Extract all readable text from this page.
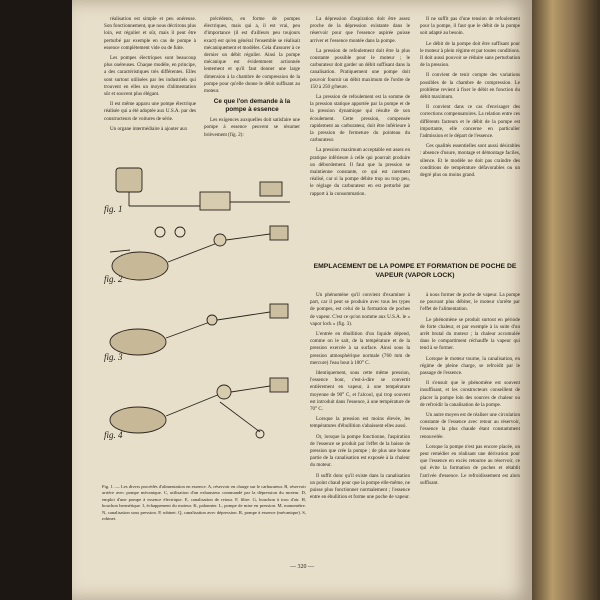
réalisation est simple et peu onéreuse. Son fonctionnement, que nous décrirons plus loin, est régulier et sûr, mais il peut être perturbé par exemple en cas de pompe à essence complètement vide ou de fuite.

Les pompes électriques sont beaucoup plus onéreuses. Chaque modèle, en principe, a des caractéristiques très différentes. Elles sont surtout utilisées par les industriels qui trouvent en elles un moyen d'alimentation sûr et souvent plus élégant.

Il est même apparu une pompe électrique réalisée qui a été adoptée aux U.S.A. par des constructeurs de voitures de série.

Un organe intermédiaire à ajouter aux

précédents, en forme de pompes électriques, mais qui a, il est vrai, peu d'importance (il est d'ailleurs peu toujours exact) est qu'en général l'ensemble se réalisait mécaniquement et modèles. Cela d'assurer à ce dernier un débit régulier. Ainsi la pompe mécanique est évidemment actionnée lentement et qu'il faut donner une large dimension à la chambre de compression de la pompe pour qu'elle donne le débit suffisant au moteur.

Ce que l'on demande à la pompe à essence

Les exigences auxquelles doit satisfaire une pompe à essence peuvent se résumer brièvement (fig. 2):

La dépression d'aspiration doit être assez proche de la dépression existante dans le réservoir pour que l'essence aspirée puisse arriver et l'essence montée dans la pompe.

La pression de refoulement doit être la plus constante possible pour le moteur ; le carburateur doit garder un débit suffisant dans la canalisation. Pratiquement une pompe doit pouvoir fournir un débit maximum de l'ordre de 150 à 250 g/heure.

La pression de refoulement est la somme de la pression statique apportée par la pompe et de la pression dynamique qui résulte de son écoulement. Cette pression, compensée rapidement au carburateur, doit être inférieure à la pression de fermeture du pointeau du carburateur.

La pression maximum acceptable est assez en pratique inférieure à celle qui pourrait produire un débordement. Il faut que la pression se maintienne constante, ce qui est rarement réalisé, car si la pompe débite trop ou trop peu, le réglage du carburateur en est perturbé par rapport à la consommation.

Il ne suffit pas d'une tension de refoulement pour la pompe, il faut que le débit de la pompe soit adapté au besoin.

Le débit de la pompe doit être suffisant pour le moteur à plein régime et par toutes conditions. Il doit aussi pouvoir se réduire sans perturbation de la pression.

Il convient de tenir compte des variations possibles de la chambre de compression. Le problème revient à fixer le débit en fonction du débit maximum.

Il convient dans ce cas d'envisager des corrections compensatoires. La relation entre ces différents facteurs et le débit de la pompe est importante, elle concerne en particulier l'admission et le départ de l'essence.

Ces qualités essentielles sont aussi désirables : absence d'usure, montage et démontage faciles, silence. Et le modèle ne doit pas craindre des conditions de température défavorables ou un degré plus ou moins grand.

EMPLACEMENT DE LA POMPE ET FORMATION DE POCHE DE VAPEUR (VAPOR LOCK)

Un phénomène qu'il convient d'examiner à part, car il peut se produire avec tous les types de pompes, est celui de la formation de poches de vapeur. C'est ce qu'on nomme aux U.S.A. le « vapor lock » (fig. 3).

L'entrée en ébullition d'un liquide dépend, comme on le sait, de la température et de la pression exercée à sa surface. Ainsi sous la pression atmosphérique normale (760 mm de mercure) l'eau bout à 100° C.

Identiquement, sous cette même pression, l'essence bout, c'est-à-dire se convertit entièrement en vapeur, à une température moyenne de 90° C, et l'alcool, qui trop souvent est introduit dans l'essence, à une température de 70° C.

Lorsque la pression est moins élevée, les températures d'ébullition s'abaissent elles aussi.

Or, lorsque la pompe fonctionne, l'aspiration de l'essence se produit par l'effet de la baisse de pression que crée la pompe ; de plus une bonne partie de la canalisation est exposée à la chaleur du moteur.

Il suffit donc qu'il existe dans la canalisation un point chaud pour que la pompe elle-même, ne puisse plus fonctionner normalement ; l'essence entre en ébullition et forme une poche de vapeur.

à nous former de poche de vapeur. La pompe ne pouvant plus débiter, le moteur s'arrête par l'effet de l'alimentation.

Le phénomène se produit surtout en période de forte chaleur, et par exemple à la suite d'un arrêt brutal du moteur ; la chaleur accumulée dans le compartiment réchauffe la vapeur qui tend à se former.

Lorsque le moteur tourne, la canalisation, en régime de pleine charge, se refroidit par le passage de l'essence.

Il s'ensuit que le phénomène est souvent insuffisant, et les constructeurs conseillent de placer la pompe loin des sources de chaleur ou de refroidir la canalisation de la pompe.

Un autre moyen est de réaliser une circulation constante de l'essence avec retour au réservoir, l'essence la plus chaude étant constamment renouvelée.

Lorsque la pompe n'est pas encore placée, on peut remédier en réalisant une dérivation pour que l'essence en excès retourne au réservoir, ce qui évite la formation de poches et rétablit l'arrivée d'essence. Le refroidissement est alors suffisant.

fig. 1
fig. 2
fig. 3
fig. 4
Fig. 1. — Les divers procédés d'alimentation en essence. A, réservoir en charge sur le carburateur. B, réservoir arrière avec pompe mécanique. C, utilisation d'un exhausteur commandé par la dépression du moteur. D, emploi d'une pompe à essence électrique. E, canalisation de retour. F, filtre. G, bouchon à trou d'air. H, bouchon hermétique. I, échappement du moteur. K, palonnier. L, pompe de mise en pression. M, manomètre. N, canalisation sous pression. P, robinet. Q, canalisation avec dépression. R, pompe à essence (mécanique). S, robinet.
— 320 —
